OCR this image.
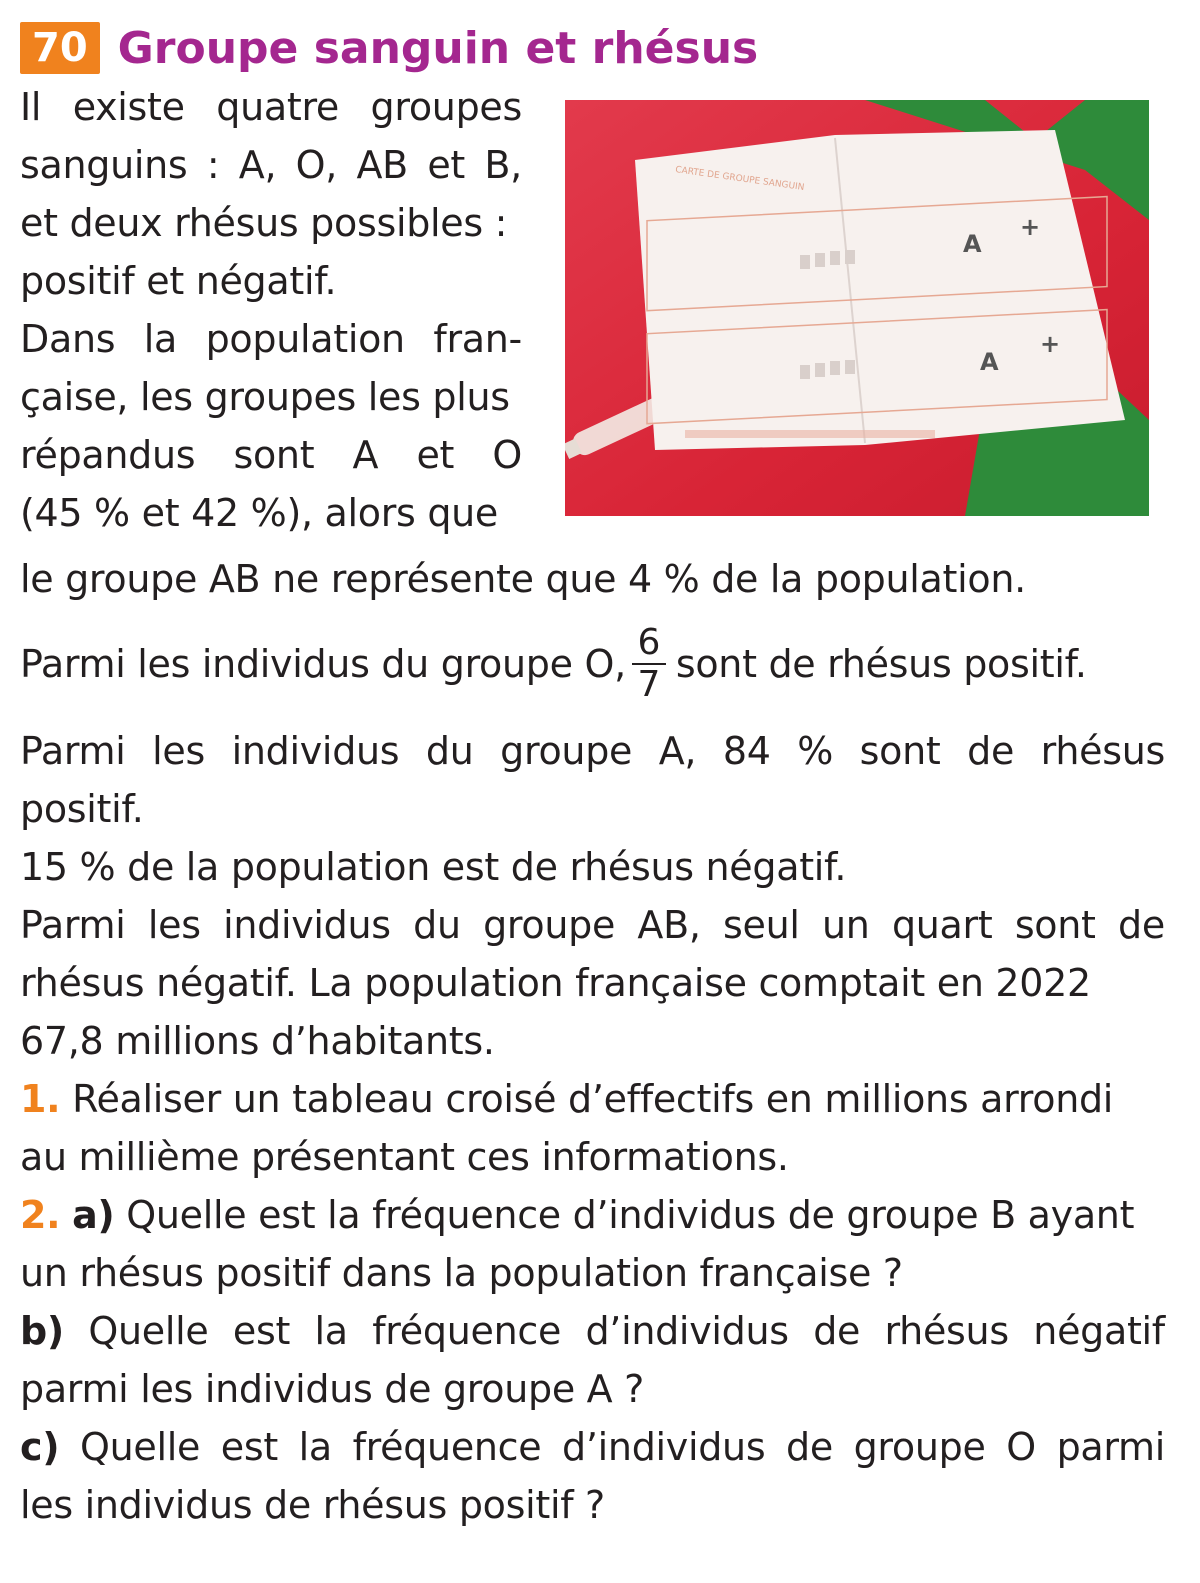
70 Groupe sanguin et rhésus
Il existe quatre groupes
sanguins : A, O, AB et B,
et deux rhésus possibles :
positif et négatif.
Dans la population fran-
çaise, les groupes les plus
répandus sont A et O
(45 % et 42 %), alors que
le groupe AB ne représente que 4 % de la population.
Parmi les individus du groupe O, $\frac{6}{7}$ sont de rhésus positif.
Parmi les individus du groupe A, 84 % sont de rhésus
positif.
15 % de la population est de rhésus négatif.
Parmi les individus du groupe AB, seul un quart sont de
rhésus négatif. La population française comptait en 2022
67,8 millions d’habitants.
1. Réaliser un tableau croisé d’effectifs en millions arrondi
au millième présentant ces informations.
2. a) Quelle est la fréquence d’individus de groupe B ayant
un rhésus positif dans la population française ?
b) Quelle est la fréquence d’individus de rhésus négatif
parmi les individus de groupe A ?
c) Quelle est la fréquence d’individus de groupe O parmi
les individus de rhésus positif ?
CARTE DE GROUPE SANGUIN
A
+
A
+
